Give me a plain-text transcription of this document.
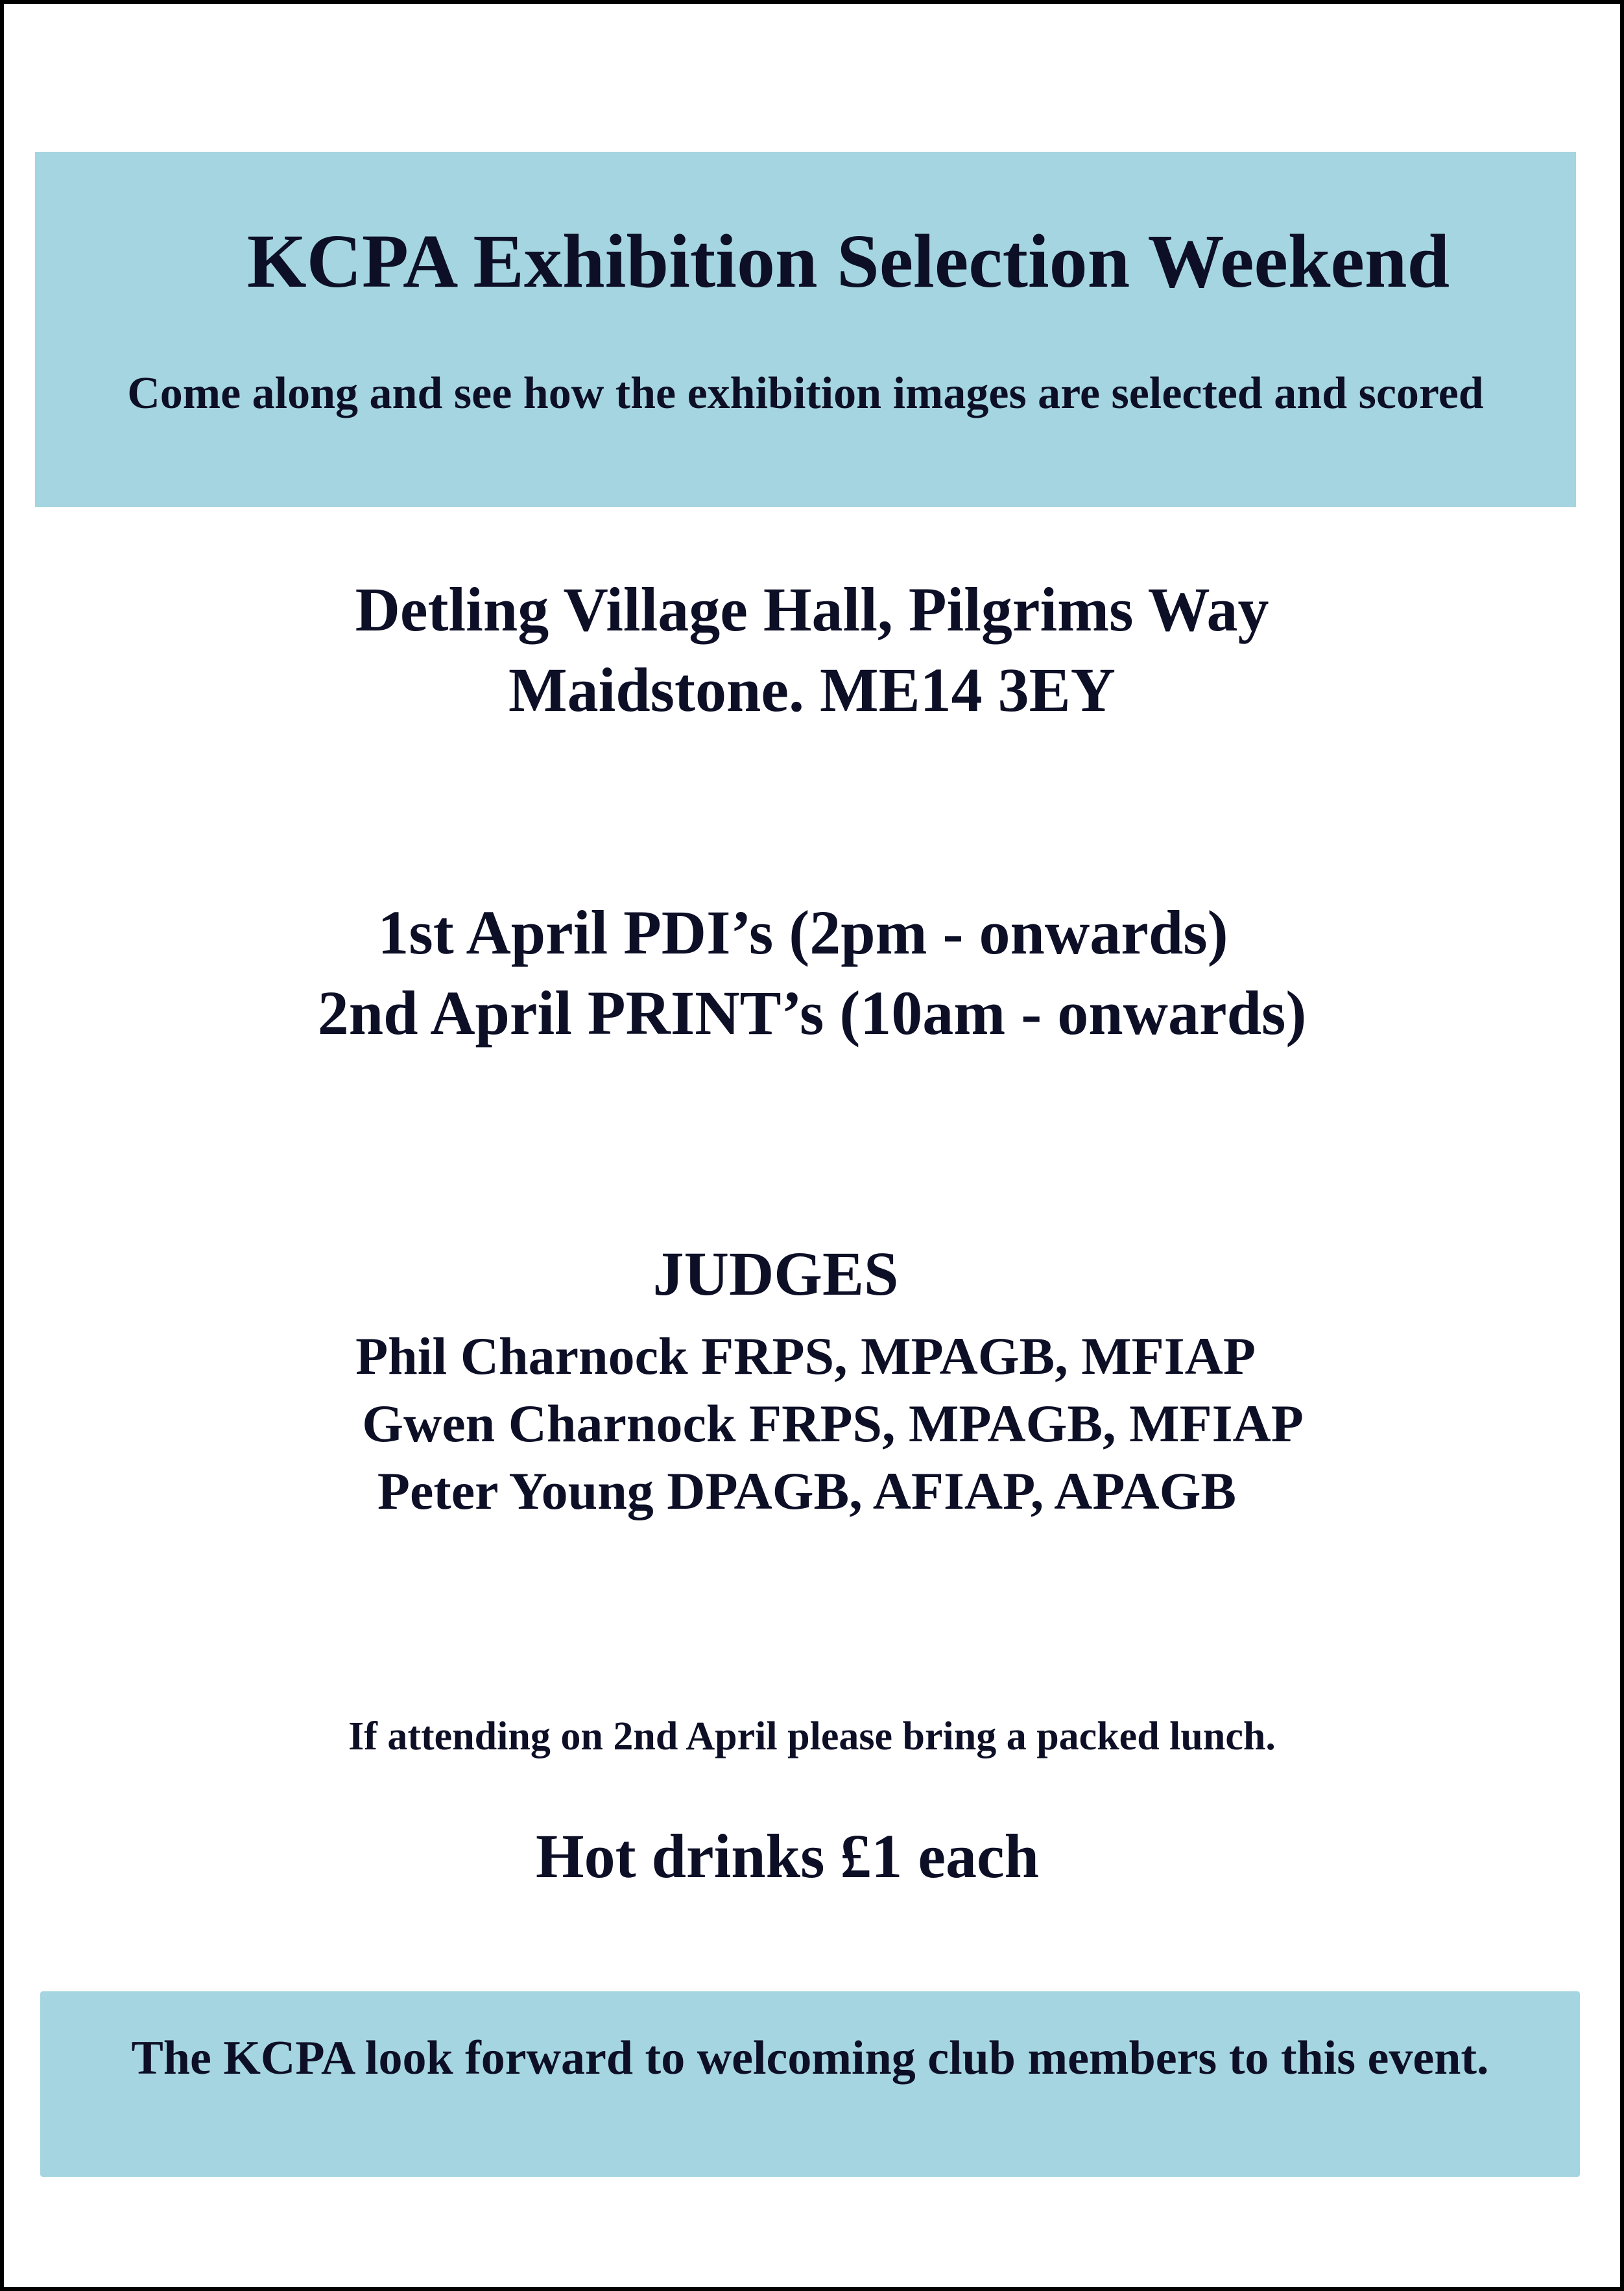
KCPA Exhibition Selection Weekend

Come along and see how the exhibition images are selected and scored

Detling Village Hall, Pilgrims Way

Maidstone. ME14 3EY

1st April PDI’s (2pm - onwards)

2nd April PRINT’s (10am - onwards)

JUDGES

Phil Charnock FRPS, MPAGB, MFIAP

Gwen Charnock FRPS, MPAGB, MFIAP

Peter Young DPAGB, AFIAP, APAGB

If attending on 2nd April please bring a packed lunch.

Hot drinks £1 each

The KCPA look forward to welcoming club members to this event.
